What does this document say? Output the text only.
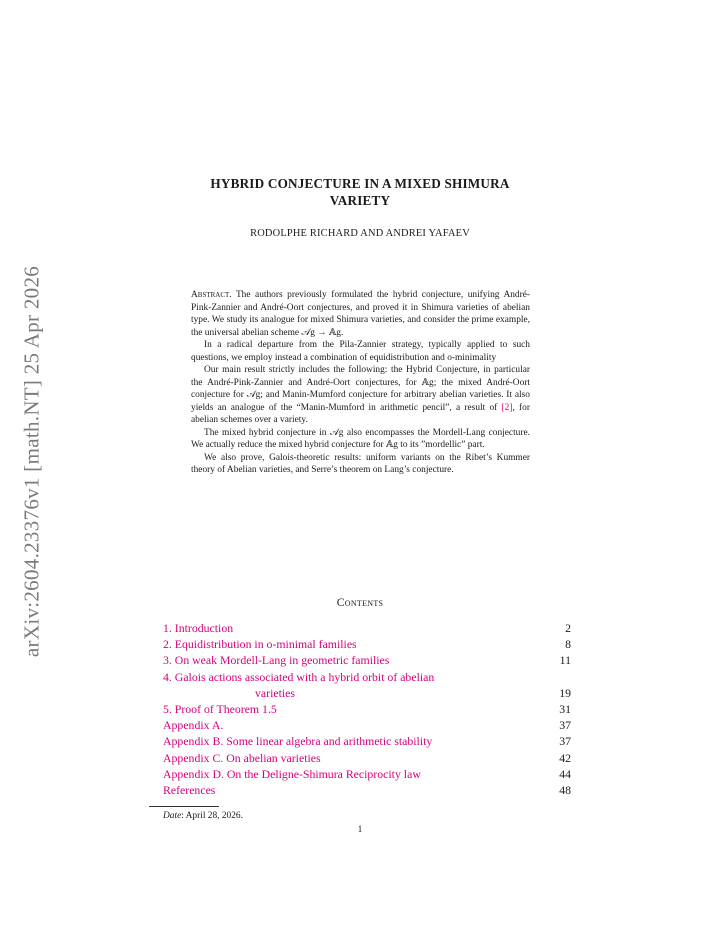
arXiv:2604.23376v1 [math.NT] 25 Apr 2026
HYBRID CONJECTURE IN A MIXED SHIMURA
VARIETY
RODOLPHE RICHARD AND ANDREI YAFAEV

Abstract. The authors previously formulated the hybrid conjecture, unifying André-Pink-Zannier and André-Oort conjectures, and proved it in Shimura varieties of abelian type. We study its analogue for mixed Shimura varieties, and consider the prime example, the universal abelian scheme 𝒜g → 𝔸g.

In a radical departure from the Pila-Zannier strategy, typically applied to such questions, we employ instead a combination of equidistribution and o-minimality

Our main result strictly includes the following: the Hybrid Conjecture, in particular the André-Pink-Zannier and André-Oort conjectures, for 𝔸g; the mixed André-Oort conjecture for 𝒜g; and Manin-Mumford conjecture for arbitrary abelian varieties. It also yields an analogue of the “Manin-Mumford in arithmetic pencil”, a result of [2], for abelian schemes over a variety.

The mixed hybrid conjecture in 𝒜g also encompasses the Mordell-Lang conjecture. We actually reduce the mixed hybrid conjecture for 𝔸g to its ”mordellic” part.

We also prove, Galois-theoretic results: uniform variants on the Ribet’s Kummer theory of Abelian varieties, and Serre’s theorem on Lang’s conjecture.

Contents
1. Introduction	2
2. Equidistribution in o-minimal families	8
3. On weak Mordell-Lang in geometric families	11
4. Galois actions associated with a hybrid orbit of abelian
varieties	19
5. Proof of Theorem 1.5	31
Appendix A.	37
Appendix B. Some linear algebra and arithmetic stability	37
Appendix C. On abelian varieties	42
Appendix D. On the Deligne-Shimura Reciprocity law	44
References	48
Date: April 28, 2026.
1
